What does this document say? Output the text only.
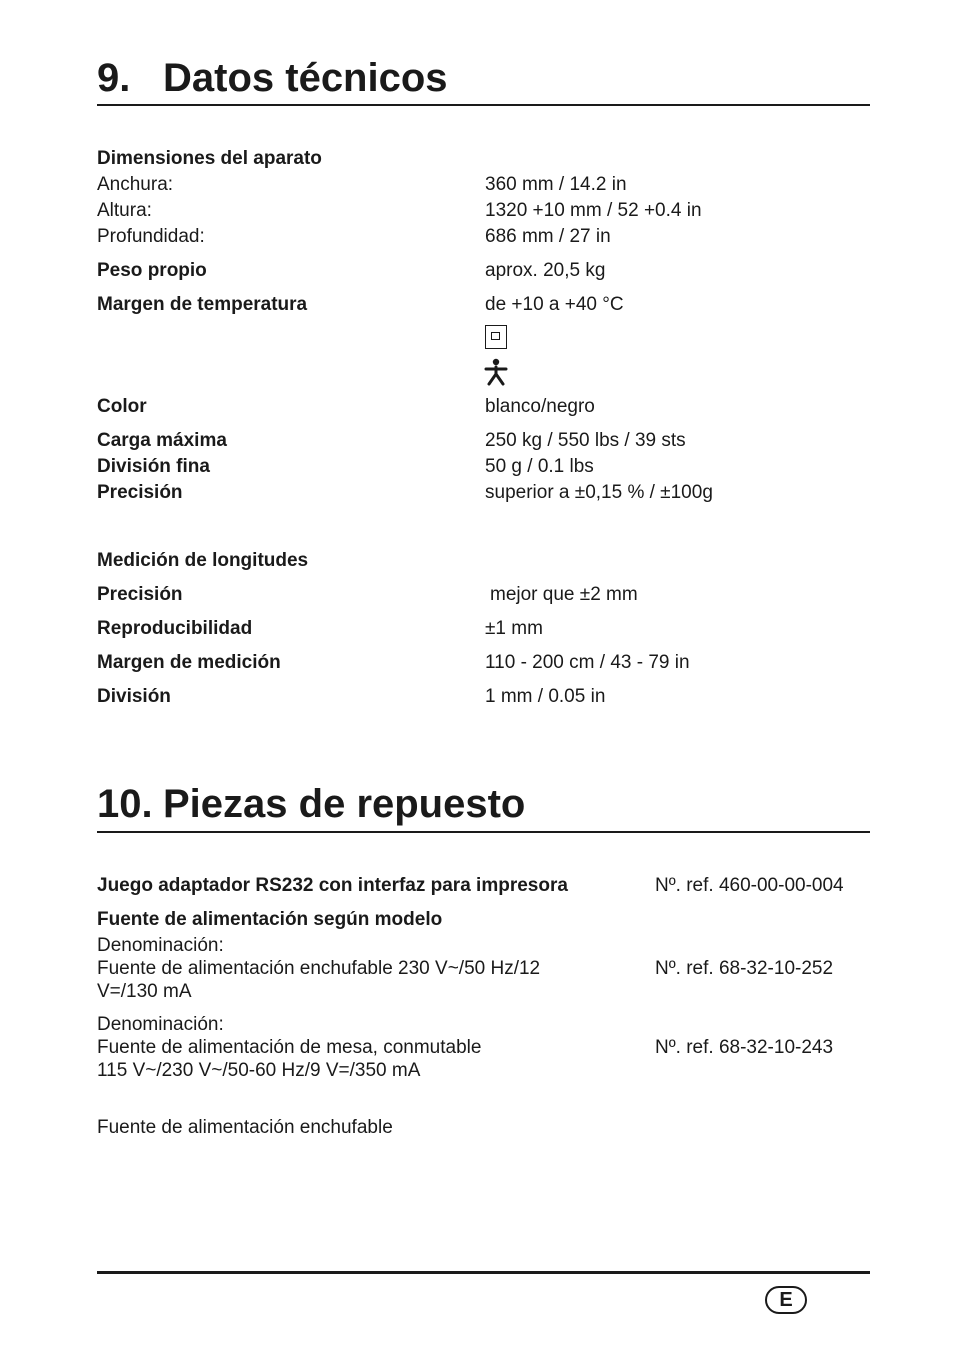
9. Datos técnicos
Dimensiones del aparato
Anchura:	360 mm / 14.2 in
Altura:	1320 +10 mm / 52 +0.4 in
Profundidad:	686 mm / 27 in
Peso propio	aprox. 20,5 kg
Margen de temperatura	de +10 a +40 °C
Color	blanco/negro
Carga máxima	250 kg / 550 lbs / 39 sts
División fina	50 g / 0.1 lbs
Precisión	superior a ±0,15 % / ±100g
Medición de longitudes
Precisión	mejor que ±2 mm
Reproducibilidad	±1 mm
Margen de medición	110 - 200 cm / 43 - 79 in
División	1 mm / 0.05 in
10. Piezas de repuesto
Juego adaptador RS232 con interfaz para impresora	Nº. ref. 460-00-00-004
Fuente de alimentación según modelo
Denominación:
Fuente de alimentación enchufable 230 V~/50 Hz/12	Nº. ref. 68-32-10-252
V=/130 mA
Denominación:
Fuente de alimentación de mesa, conmutable	Nº. ref. 68-32-10-243
115 V~/230 V~/50-60 Hz/9 V=/350 mA
Fuente de alimentación enchufable
E
